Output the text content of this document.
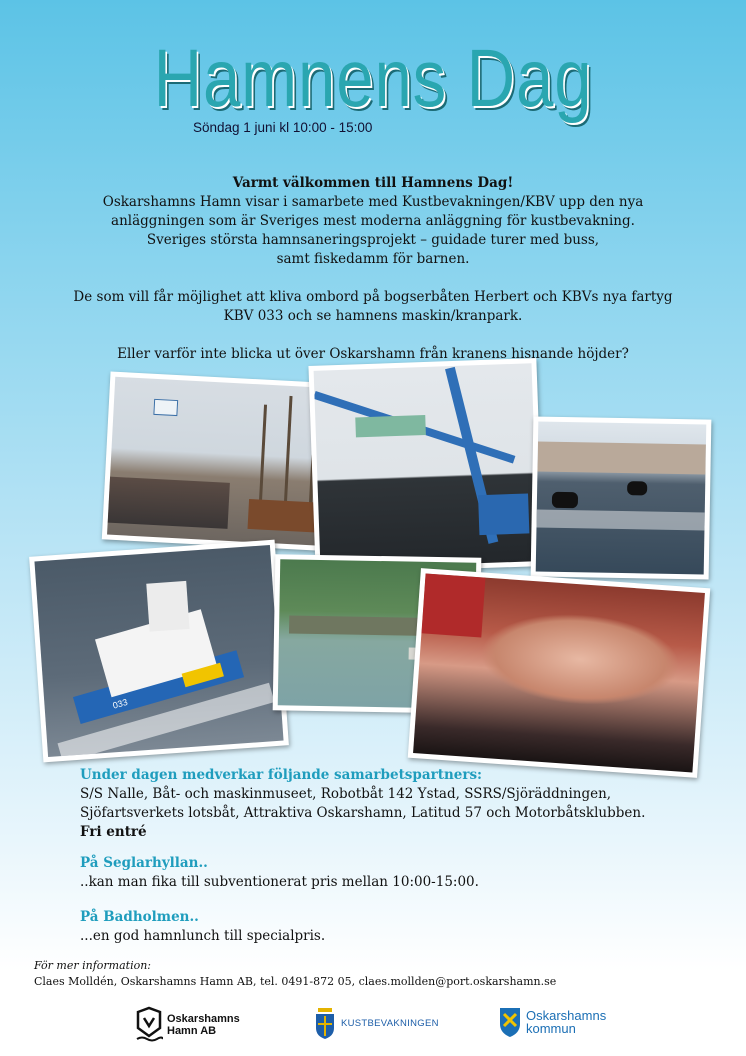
Hamnens Dag
Söndag 1 juni kl 10:00 - 15:00

Varmt välkommen till Hamnens Dag!
Oskarshamns Hamn visar i samarbete med Kustbevakningen/KBV upp den nya
anläggningen som är Sveriges mest moderna anläggning för kustbevakning.
Sveriges största hamnsaneringsprojekt – guidade turer med buss,
samt fiskedamm för barnen.

De som vill får möjlighet att kliva ombord på bogserbåten Herbert och KBVs nya fartyg
KBV 033 och se hamnens maskin/kranpark.

Eller varför inte blicka ut över Oskarshamn från kranens hisnande höjder?

033
Under dagen medverkar följande samarbetspartners:
S/S Nalle, Båt- och maskinmuseet, Robotbåt 142 Ystad, SSRS/Sjöräddningen,
Sjöfartsverkets lotsbåt, Attraktiva Oskarshamn, Latitud 57 och Motorbåtsklubben.
Fri entré
På Seglarhyllan..
..kan man fika till subventionerat pris mellan 10:00-15:00.
På Badholmen..
...en god hamnlunch till specialpris.
För mer information:
Claes Molldén, Oskarshamns Hamn AB, tel. 0491-872 05, claes.mollden@port.oskarshamn.se
Oskarshamns
Hamn AB
KUSTBEVAKNINGEN	Oskarshamns
kommun
